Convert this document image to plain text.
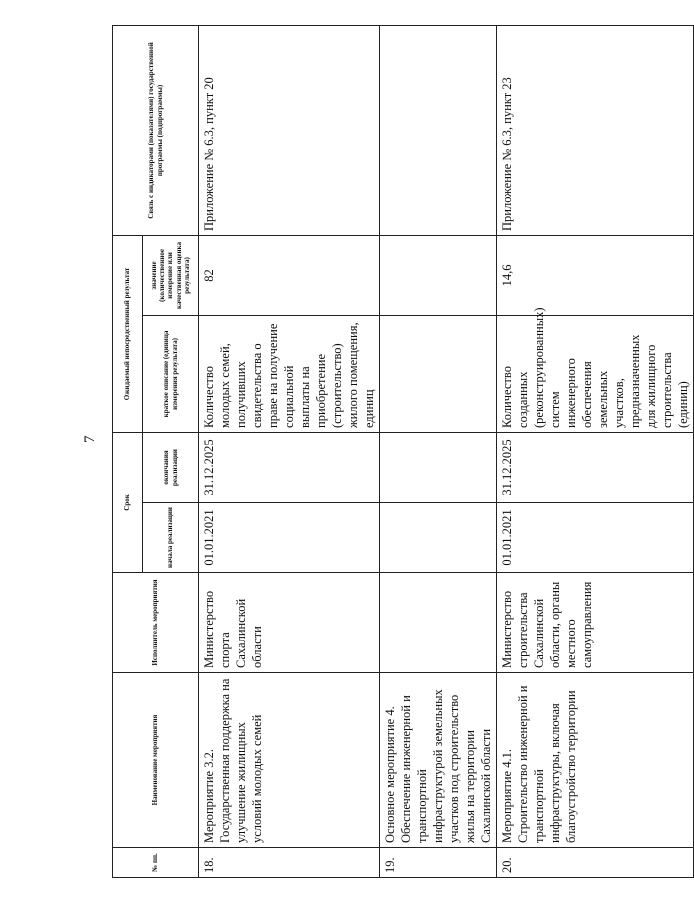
7
№ пп.	Наименование мероприятия	Исполнитель мероприятия	Срок		Ожидаемый непосредственный результат		Связь с индикаторами (показателями) государственной программы (подпрограммы)
			начала реализации	окончания реализации	краткое описание (единица измерения результата)	значение (количественное измерение или качественная оценка результата)	
18.	Мероприятие 3.2. Государственная поддержка на улучшение жилищных условий молодых семей	Министерство спорта Сахалинской области	01.01.2021	31.12.2025	Количество молодых семей, получивших свидетельства о праве на получение социальной выплаты на приобретение (строительство) жилого помещения, единиц	82	Приложение № 6.3, пункт 20
19.	Основное мероприятие 4. Обеспечение инженерной и транспортной инфраструктурой земельных участков под строительство жилья на территории Сахалинской области						
20.	Мероприятие 4.1. Строительство инженерной и транспортной инфраструктуры, включая благоустройство территории	Министерство строительства Сахалинской области, органы местного самоуправления	01.01.2021	31.12.2025	Количество созданных (реконструированных) систем инженерного обеспечения земельных участков, предназначенных для жилищного строительства (единиц)	14,6	Приложение № 6.3, пункт 23
